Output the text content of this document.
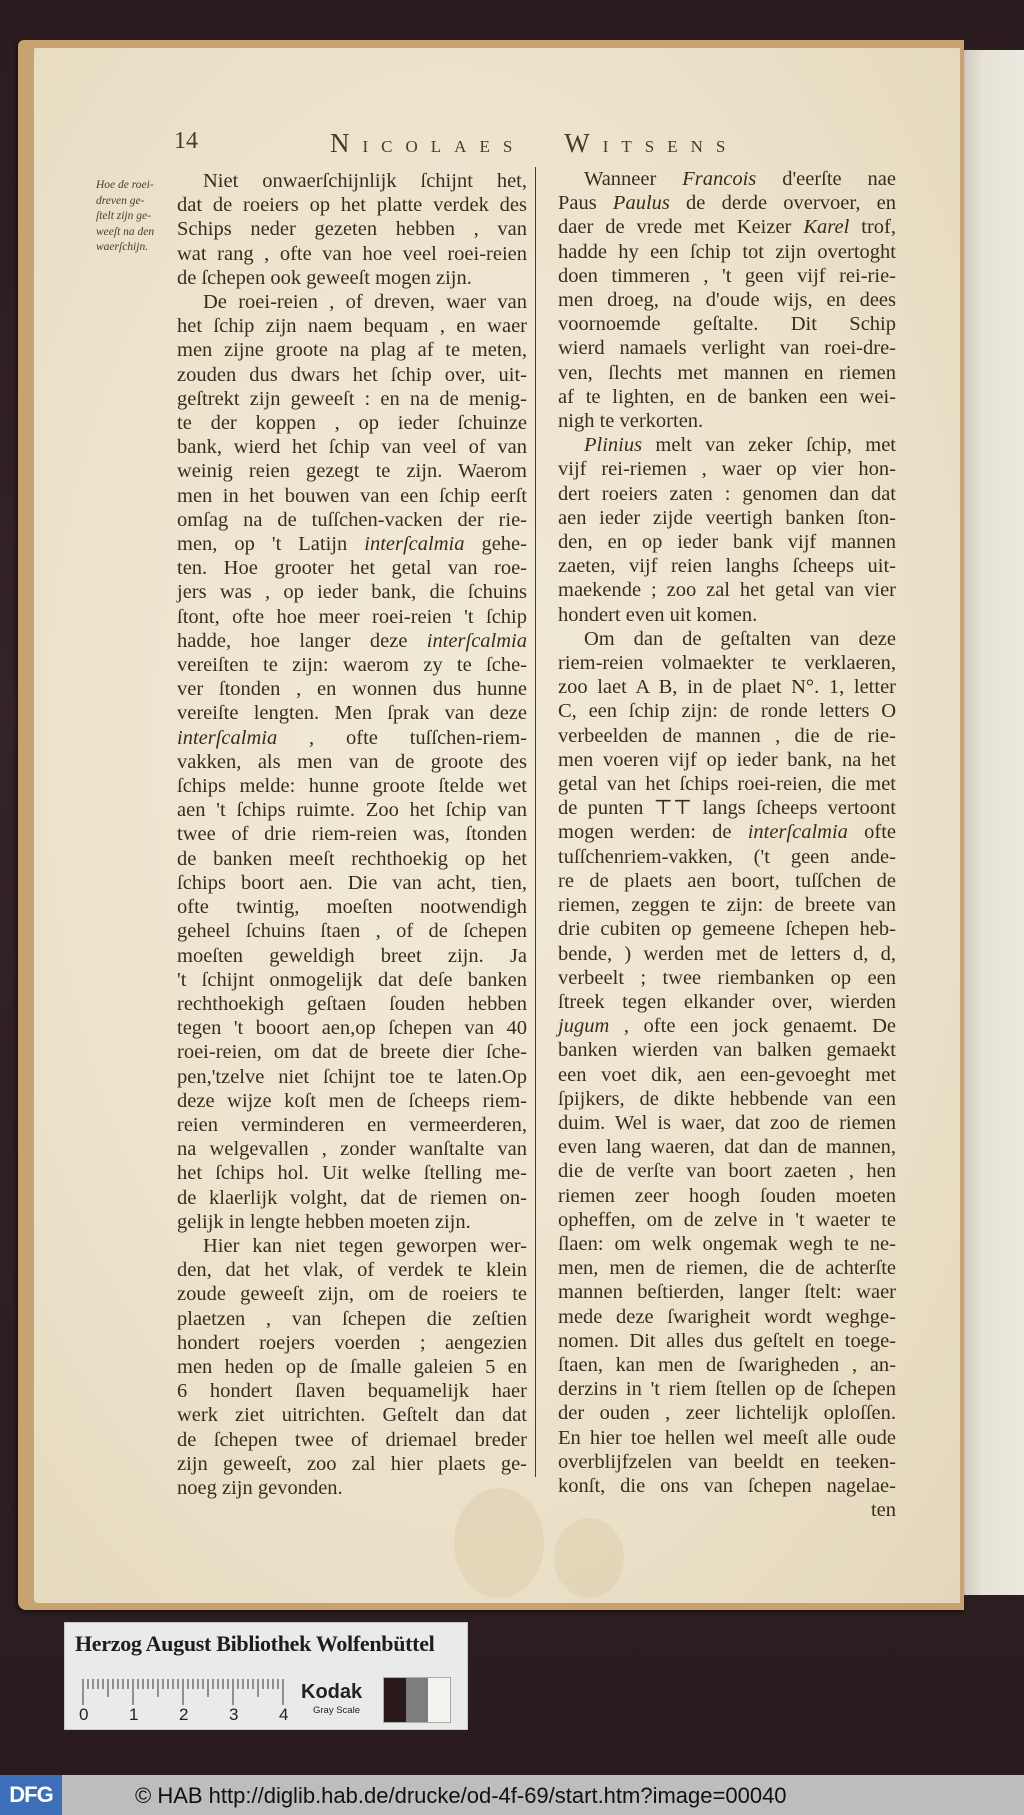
14	NICOLAES WITSENS
Hoe de roei-
dreven ge-
ſtelt zijn ge-
weeſt na den
waerſchijn.
Niet onwaerſchijnlijk ſchijnt het,
dat de roeiers op het platte verdek des
Schips neder gezeten hebben , van
wat rang , ofte van hoe veel roei-reien
de ſchepen ook geweeſt mogen zijn.
De roei-reien , of dreven, waer van
het ſchip zijn naem bequam , en waer
men zijne groote na plag af te meten,
zouden dus dwars het ſchip over, uit-
geſtrekt zijn geweeſt : en na de menig-
te der koppen , op ieder ſchuinze
bank, wierd het ſchip van veel of van
weinig reien gezegt te zijn. Waerom
men in het bouwen van een ſchip eerſt
omſag na de tuſſchen-vacken der rie-
men, op 't Latijn interſcalmia gehe-
ten. Hoe grooter het getal van roe-
jers was , op ieder bank, die ſchuins
ſtont, ofte hoe meer roei-reien 't ſchip
hadde, hoe langer deze interſcalmia
vereiſten te zijn: waerom zy te ſche-
ver ſtonden , en wonnen dus hunne
vereiſte lengten. Men ſprak van deze
interſcalmia , ofte tuſſchen-riem-
vakken, als men van de groote des
ſchips melde: hunne groote ſtelde wet
aen 't ſchips ruimte. Zoo het ſchip van
twee of drie riem-reien was, ſtonden
de banken meeſt rechthoekig op het
ſchips boort aen. Die van acht, tien,
ofte twintig, moeſten nootwendigh
geheel ſchuins ſtaen , of de ſchepen
moeſten geweldigh breet zijn. Ja
't ſchijnt onmogelijk dat deſe banken
rechthoekigh geſtaen ſouden hebben
tegen 't booort aen,op ſchepen van 40
roei-reien, om dat de breete dier ſche-
pen,'tzelve niet ſchijnt toe te laten.Op
deze wijze koſt men de ſcheeps riem-
reien verminderen en vermeerderen,
na welgevallen , zonder wanſtalte van
het ſchips hol. Uit welke ſtelling me-
de klaerlijk volght, dat de riemen on-
gelijk in lengte hebben moeten zijn.
Hier kan niet tegen geworpen wer-
den, dat het vlak, of verdek te klein
zoude geweeſt zijn, om de roeiers te
plaetzen , van ſchepen die zeſtien
hondert roejers voerden ; aengezien
men heden op de ſmalle galeien 5 en
6 hondert ſlaven bequamelijk haer
werk ziet uitrichten. Geſtelt dan dat
de ſchepen twee of driemael breder
zijn geweeſt, zoo zal hier plaets ge-
noeg zijn gevonden.
Wanneer Francois d'eerſte nae
Paus Paulus de derde overvoer, en
daer de vrede met Keizer Karel trof,
hadde hy een ſchip tot zijn overtoght
doen timmeren , 't geen vijf rei-rie-
men droeg, na d'oude wijs, en dees
voornoemde geſtalte. Dit Schip
wierd namaels verlight van roei-dre-
ven, ſlechts met mannen en riemen
af te lighten, en de banken een wei-
nigh te verkorten.
Plinius melt van zeker ſchip, met
vijf rei-riemen , waer op vier hon-
dert roeiers zaten : genomen dan dat
aen ieder zijde veertigh banken ſton-
den, en op ieder bank vijf mannen
zaeten, vijf reien langhs ſcheeps uit-
maekende ; zoo zal het getal van vier
hondert even uit komen.
Om dan de geſtalten van deze
riem-reien volmaekter te verklaeren,
zoo laet A B, in de plaet N°. 1, letter
C, een ſchip zijn: de ronde letters O
verbeelden de mannen , die de rie-
men voeren vijf op ieder bank, na het
getal van het ſchips roei-reien, die met
de punten ⊤⊤ langs ſcheeps vertoont
mogen werden: de interſcalmia ofte
tuſſchenriem-vakken, ('t geen ande-
re de plaets aen boort, tuſſchen de
riemen, zeggen te zijn: de breete van
drie cubiten op gemeene ſchepen heb-
bende, ) werden met de letters d, d,
verbeelt ; twee riembanken op een
ſtreek tegen elkander over, wierden
jugum , ofte een jock genaemt. De
banken wierden van balken gemaekt
een voet dik, aen een-gevoeght met
ſpijkers, de dikte hebbende van een
duim. Wel is waer, dat zoo de riemen
even lang waeren, dat dan de mannen,
die de verſte van boort zaeten , hen
riemen zeer hoogh ſouden moeten
opheffen, om de zelve in 't waeter te
ſlaen: om welk ongemak wegh te ne-
men, men de riemen, die de achterſte
mannen beſtierden, langer ſtelt: waer
mede deze ſwarigheit wordt weghge-
nomen. Dit alles dus geſtelt en toege-
ſtaen, kan men de ſwarigheden , an-
derzins in 't riem ſtellen op de ſchepen
der ouden , zeer lichtelijk oploſſen.
En hier toe hellen wel meeſt alle oude
overblijfzelen van beeldt en teeken-
konſt, die ons van ſchepen nagelae-
ten
Herzog August Bibliothek Wolfenbüttel
0 1 2 3 4
Kodak
Gray Scale
DFG	© HAB http://diglib.hab.de/drucke/od-4f-69/start.htm?image=00040
